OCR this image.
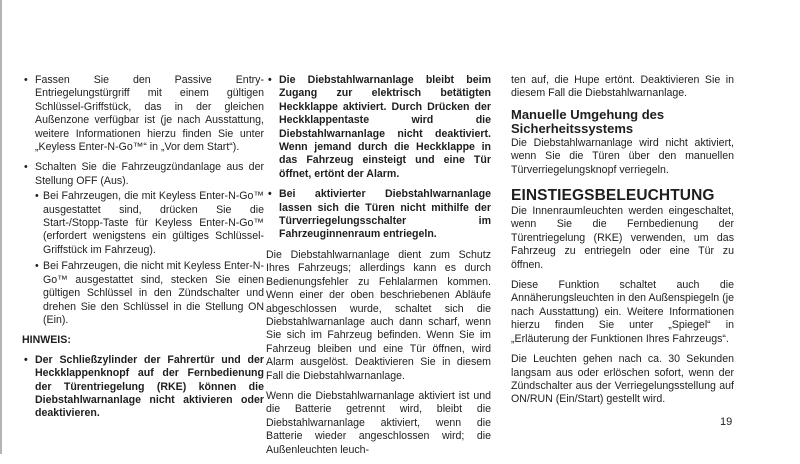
• Fassen Sie den Passive Entry-Entriegelungstürgriff mit einem gültigen Schlüssel-Griffstück, das in der gleichen Außenzone verfügbar ist (je nach Ausstattung, weitere Informationen hierzu finden Sie unter „Keyless Enter-N-Go™“ in „Vor dem Start“).
• Schalten Sie die Fahrzeugzündanlage aus der Stellung OFF (Aus).
• Bei Fahrzeugen, die mit Keyless Enter-N-Go™ ausgestattet sind, drücken Sie die Start-/Stopp-Taste für Keyless Enter-N-Go™ (erfordert wenigstens ein gültiges Schlüssel-Griffstück im Fahrzeug).
• Bei Fahrzeugen, die nicht mit Keyless Enter-N-Go™ ausgestattet sind, stecken Sie einen gültigen Schlüssel in den Zündschalter und drehen Sie den Schlüssel in die Stellung ON (Ein).
HINWEIS:
• Der Schließzylinder der Fahrertür und der Heckklappenknopf auf der Fernbedienung der Türentriegelung (RKE) können die Diebstahlwarnanlage nicht aktivieren oder deaktivieren.
• Die Diebstahlwarnanlage bleibt beim Zugang zur elektrisch betätigten Heckklappe aktiviert. Durch Drücken der Heckklappentaste wird die Diebstahlwarnanlage nicht deaktiviert. Wenn jemand durch die Heckklappe in das Fahrzeug einsteigt und eine Tür öffnet, ertönt der Alarm.
• Bei aktivierter Diebstahlwarnanlage lassen sich die Türen nicht mithilfe der Türverriegelungsschalter im Fahrzeuginnenraum entriegeln.

Die Diebstahlwarnanlage dient zum Schutz Ihres Fahrzeugs; allerdings kann es durch Bedienungsfehler zu Fehlalarmen kommen. Wenn einer der oben beschriebenen Abläufe abgeschlossen wurde, schaltet sich die Diebstahlwarnanlage auch dann scharf, wenn Sie sich im Fahrzeug befinden. Wenn Sie im Fahrzeug bleiben und eine Tür öffnen, wird Alarm ausgelöst. Deaktivieren Sie in diesem Fall die Diebstahlwarnanlage.

Wenn die Diebstahlwarnanlage aktiviert ist und die Batterie getrennt wird, bleibt die Diebstahlwarnanlage aktiviert, wenn die Batterie wieder angeschlossen wird; die Außenleuchten leuch-

ten auf, die Hupe ertönt. Deaktivieren Sie in diesem Fall die Diebstahlwarnanlage.

Manuelle Umgehung des Sicherheitssystems

Die Diebstahlwarnanlage wird nicht aktiviert, wenn Sie die Türen über den manuellen Türverriegelungsknopf verriegeln.

EINSTIEGSBELEUCHTUNG

Die Innenraumleuchten werden eingeschaltet, wenn Sie die Fernbedienung der Türentriegelung (RKE) verwenden, um das Fahrzeug zu entriegeln oder eine Tür zu öffnen.

Diese Funktion schaltet auch die Annäherungsleuchten in den Außenspiegeln (je nach Ausstattung) ein. Weitere Informationen hierzu finden Sie unter „Spiegel“ in „Erläuterung der Funktionen Ihres Fahrzeugs“.

Die Leuchten gehen nach ca. 30 Sekunden langsam aus oder erlöschen sofort, wenn der Zündschalter aus der Verriegelungsstellung auf ON/RUN (Ein/Start) gestellt wird.

19
